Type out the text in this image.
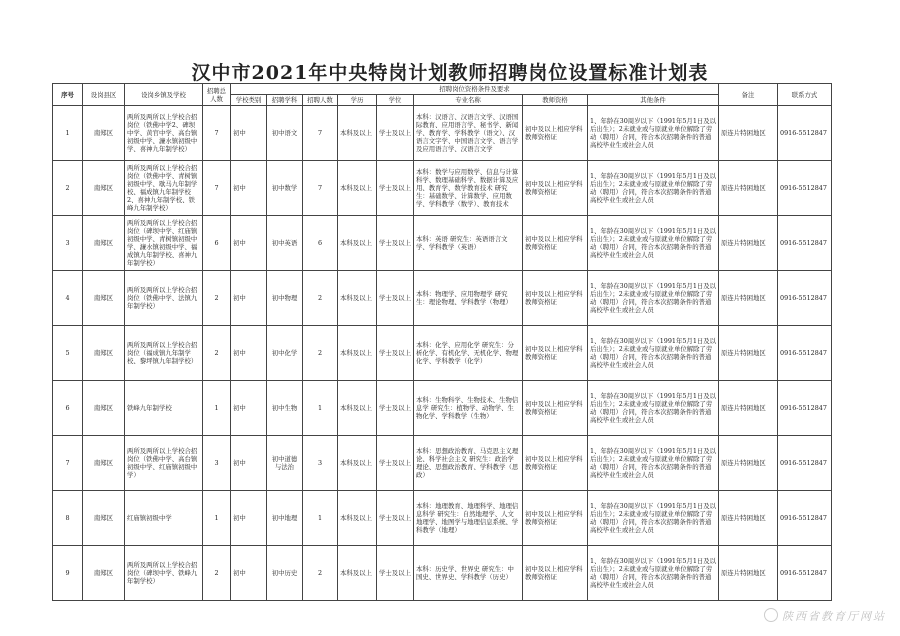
汉中市2021年中央特岗计划教师招聘岗位设置标准计划表
序号	设岗县区	设岗乡镇及学校	招聘总人数	招聘岗位资格条件及要求								备注	联系方式
				学校类别	招聘学科	招聘人数	学历	学位	专业名称	教师资格	其他条件		
1	南郑区	两所及两所以上学校合招岗位（铁佛中学2、碑坝中学、黄官中学、高台镇初级中学、濂水镇初级中学、喜神九年制学校）	7	初中	初中语文	7	本科及以上	学士及以上	本科：汉语言、汉语言文学、汉语国际教育、应用语言学、秘书学、新闻学、教育学、学科教学（语文）、汉语言文字学、中国语言文学、语言学及应用语言学、汉语言文学	初中及以上相应学科教师资格证	1、年龄在30周岁以下（1991年5月1日及以后出生）；2未就业或与原就业单位解除了劳动（聘用）合同，符合本次招聘条件的普通高校毕业生或社会人员	原连片特困地区	0916-5512847
2	南郑区	两所及两所以上学校合招岗位（铁佛中学、青树镇初级中学、歇马九年制学校、福成镇九年制学校2、喜神九年制学校、铁峰九年制学校）	7	初中	初中数学	7	本科及以上	学士及以上	本科：数学与应用数学、信息与计算科学、数理基础科学、数据计算及应用、教育学、数学教育技术 研究生：基础数学、计算数学、应用数学、学科教学（数学）、教育技术	初中及以上相应学科教师资格证	1、年龄在30周岁以下（1991年5月1日及以后出生）；2未就业或与原就业单位解除了劳动（聘用）合同，符合本次招聘条件的普通高校毕业生或社会人员	原连片特困地区	0916-5512847
3	南郑区	两所及两所以上学校合招岗位（碑坝中学、红庙镇初级中学、青树镇初级中学、濂水镇初级中学、福成镇九年制学校、喜神九年制学校）	6	初中	初中英语	6	本科及以上	学士及以上	本科：英语 研究生：英语语言文学、学科教学（英语）	初中及以上相应学科教师资格证	1、年龄在30周岁以下（1991年5月1日及以后出生）；2未就业或与原就业单位解除了劳动（聘用）合同，符合本次招聘条件的普通高校毕业生或社会人员	原连片特困地区	0916-5512847
4	南郑区	两所及两所以上学校合招岗位（铁佛中学、法镇九年制学校）	2	初中	初中物理	2	本科及以上	学士及以上	本科：物理学、应用物理学 研究生：理论物理、学科教学（物理）	初中及以上相应学科教师资格证	1、年龄在30周岁以下（1991年5月1日及以后出生）；2未就业或与原就业单位解除了劳动（聘用）合同，符合本次招聘条件的普通高校毕业生或社会人员	原连片特困地区	0916-5512847
5	南郑区	两所及两所以上学校合招岗位（福成镇九年制学校、黎坪镇九年制学校）	2	初中	初中化学	2	本科及以上	学士及以上	本科：化学、应用化学 研究生：分析化学、有机化学、无机化学、物理化学、学科教学（化学）	初中及以上相应学科教师资格证	1、年龄在30周岁以下（1991年5月1日及以后出生）；2未就业或与原就业单位解除了劳动（聘用）合同，符合本次招聘条件的普通高校毕业生或社会人员	原连片特困地区	0916-5512847
6	南郑区	铁峰九年制学校	1	初中	初中生物	1	本科及以上	学士及以上	本科：生物科学、生物技术、生物信息学 研究生：植物学、动物学、生物化学、学科教学（生物）	初中及以上相应学科教师资格证	1、年龄在30周岁以下（1991年5月1日及以后出生）；2未就业或与原就业单位解除了劳动（聘用）合同，符合本次招聘条件的普通高校毕业生或社会人员	原连片特困地区	0916-5512847
7	南郑区	两所及两所以上学校合招岗位（铁佛中学、高台镇初级中学、红庙镇初级中学）	3	初中	初中道德与法治	3	本科及以上	学士及以上	本科：思想政治教育、马克思主义理论、科学社会主义 研究生：政治学理论、思想政治教育、学科教学（思政）	初中及以上相应学科教师资格证	1、年龄在30周岁以下（1991年5月1日及以后出生）；2未就业或与原就业单位解除了劳动（聘用）合同，符合本次招聘条件的普通高校毕业生或社会人员	原连片特困地区	0916-5512847
8	南郑区	红庙镇初级中学	1	初中	初中地理	1	本科及以上	学士及以上	本科：地理教育、地理科学、地理信息科学 研究生：自然地理学、人文地理学、地图学与地理信息系统、学科教学（地理）	初中及以上相应学科教师资格证	1、年龄在30周岁以下（1991年5月1日及以后出生）；2未就业或与原就业单位解除了劳动（聘用）合同，符合本次招聘条件的普通高校毕业生或社会人员	原连片特困地区	0916-5512847
9	南郑区	两所及两所以上学校合招岗位（碑坝中学、铁峰九年制学校）	2	初中	初中历史	2	本科及以上	学士及以上	本科：历史学、世界史 研究生：中国史、世界史、学科教学（历史）	初中及以上相应学科教师资格证	1、年龄在30周岁以下（1991年5月1日及以后出生）；2未就业或与原就业单位解除了劳动（聘用）合同，符合本次招聘条件的普通高校毕业生或社会人员	原连片特困地区	0916-5512847
陕西省教育厅网站
